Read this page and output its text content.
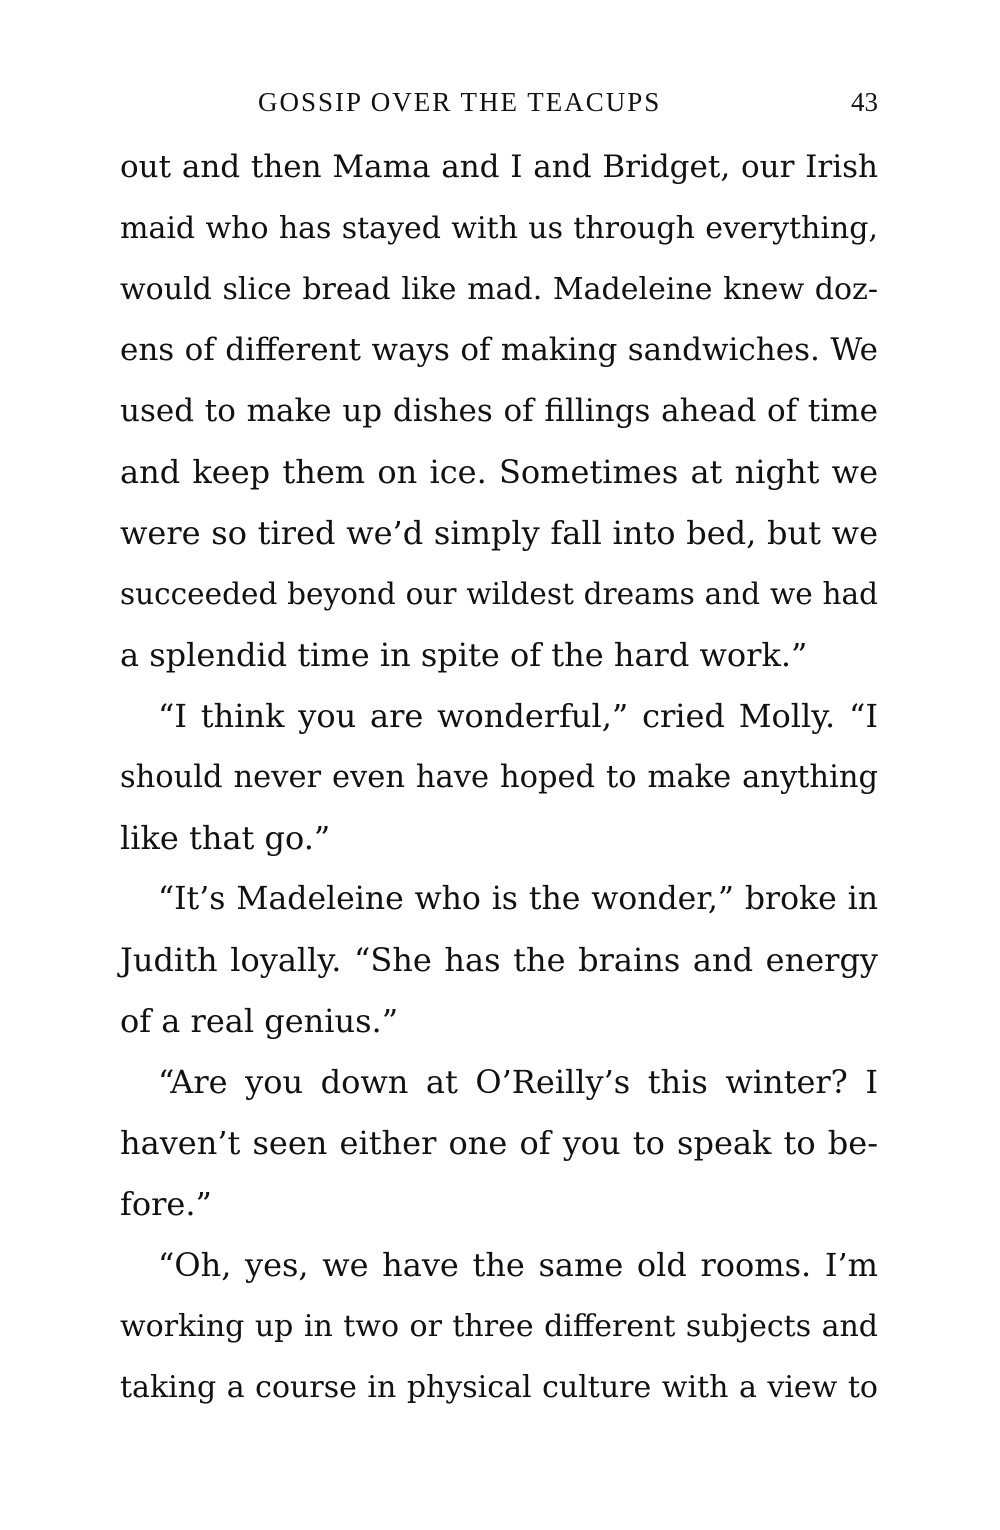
GOSSIP OVER THE TEACUPS	43
out and then Mama and I and Bridget, our Irish
maid who has stayed with us through everything,
would slice bread like mad. Madeleine knew doz-
ens of different ways of making sandwiches. We
used to make up dishes of fillings ahead of time
and keep them on ice. Sometimes at night we
were so tired we’d simply fall into bed, but we
succeeded beyond our wildest dreams and we had
a splendid time in spite of the hard work.”
“I think you are wonderful,” cried Molly. “I
should never even have hoped to make anything
like that go.”
“It’s Madeleine who is the wonder,” broke in
Judith loyally. “She has the brains and energy
of a real genius.”
“Are you down at O’Reilly’s this winter? I
haven’t seen either one of you to speak to be-
fore.”
“Oh, yes, we have the same old rooms. I’m
working up in two or three different subjects and
taking a course in physical culture with a view to
